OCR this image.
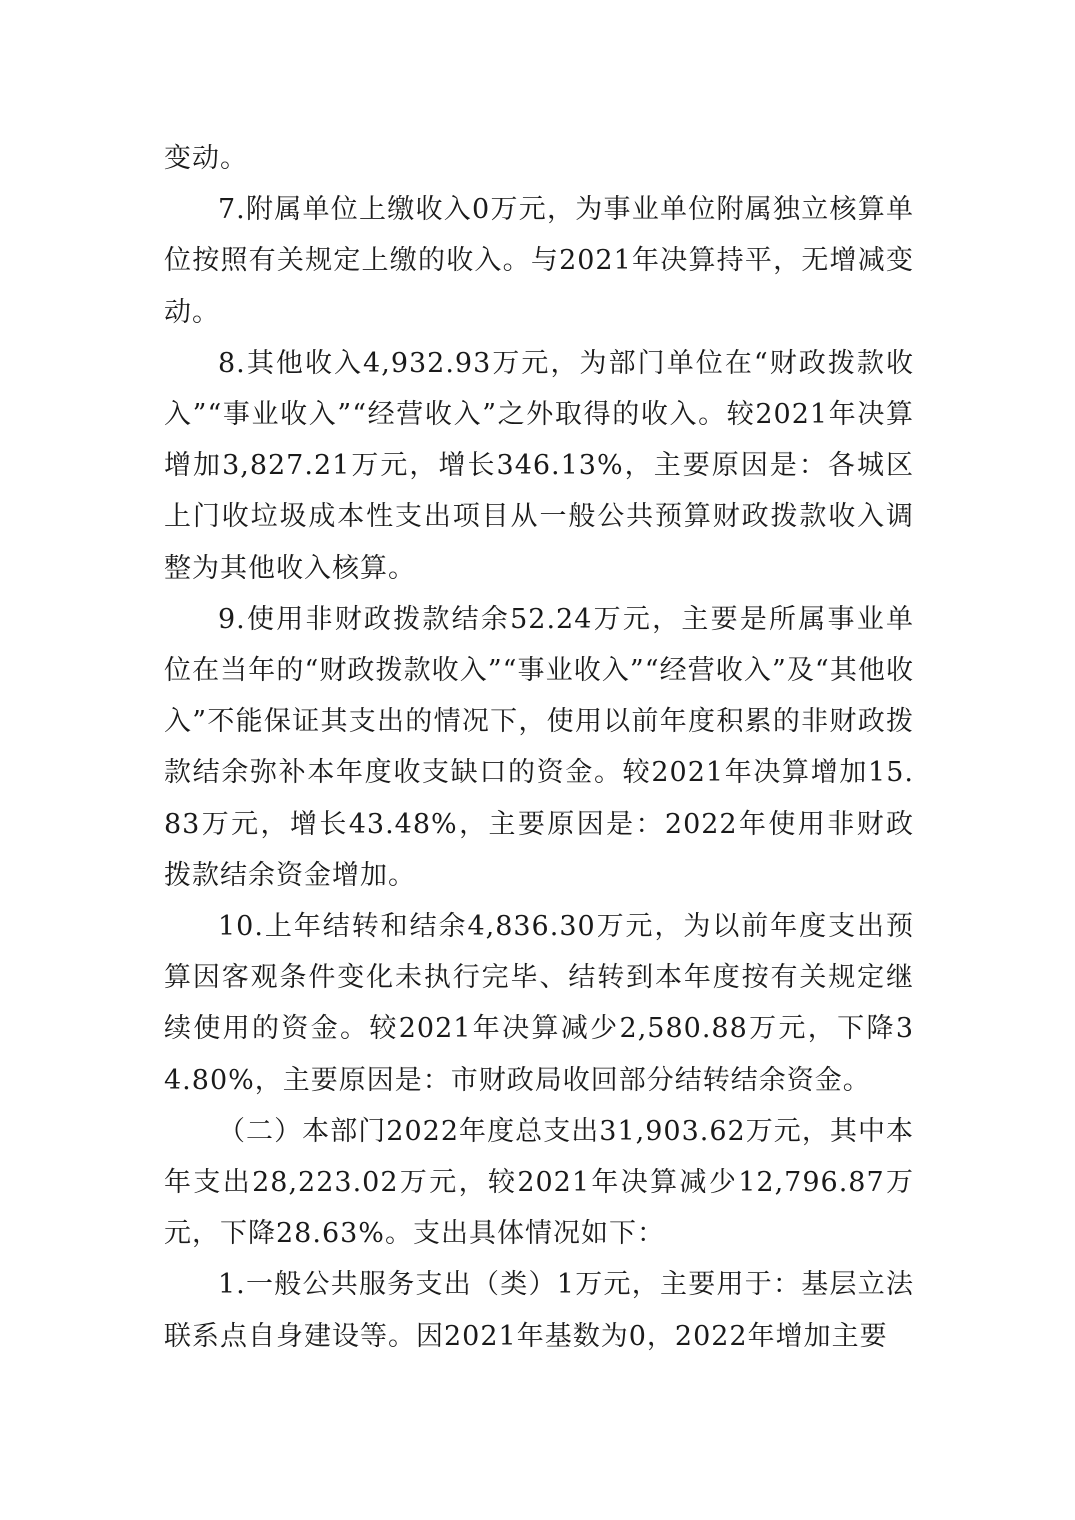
变动。

7.附属单位上缴收入0万元，为事业单位附属独立核算单位按照有关规定上缴的收入。与2021年决算持平，无增减变动。

8.其他收入4,932.93万元，为部门单位在“财政拨款收入”“事业收入”“经营收入”之外取得的收入。较2021年决算增加3,827.21万元，增长346.13%，主要原因是：各城区上门收垃圾成本性支出项目从一般公共预算财政拨款收入调整为其他收入核算。

9.使用非财政拨款结余52.24万元，主要是所属事业单位在当年的“财政拨款收入”“事业收入”“经营收入”及“其他收入”不能保证其支出的情况下，使用以前年度积累的非财政拨款结余弥补本年度收支缺口的资金。较2021年决算增加15.83万元，增长43.48%，主要原因是：2022年使用非财政拨款结余资金增加。

10.上年结转和结余4,836.30万元，为以前年度支出预算因客观条件变化未执行完毕、结转到本年度按有关规定继续使用的资金。较2021年决算减少2,580.88万元，下降34.80%，主要原因是：市财政局收回部分结转结余资金。

（二）本部门2022年度总支出31,903.62万元，其中本年支出28,223.02万元，较2021年决算减少12,796.87万元，下降28.63%。支出具体情况如下：

1.一般公共服务支出（类）1万元，主要用于：基层立法联系点自身建设等。因2021年基数为0，2022年增加主要
